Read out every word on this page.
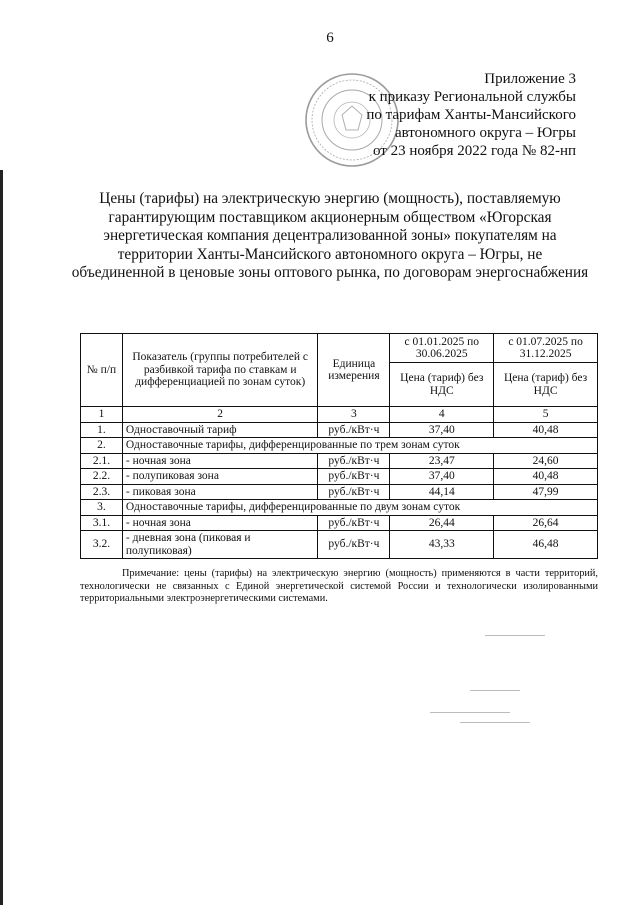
6
Приложение 3
к приказу Региональной службы
по тарифам Ханты-Мансийского
автономного округа – Югры
от 23 ноября 2022 года № 82-нп
Цены (тарифы) на электрическую энергию (мощность), поставляемую гарантирующим поставщиком акционерным обществом «Югорская энергетическая компания децентрализованной зоны» покупателям на территории Ханты-Мансийского автономного округа – Югры, не объединенной в ценовые зоны оптового рынка, по договорам энергоснабжения
№ п/п	Показатель (группы потребителей с разбивкой тарифа по ставкам и дифференциацией по зонам суток)	Единица измерения	с 01.01.2025 по 30.06.2025	с 01.07.2025 по 31.12.2025
			Цена (тариф) без НДС	Цена (тариф) без НДС
1	2	3	4	5
1.	Одноставочный тариф	руб./кВт·ч	37,40	40,48
2.	Одноставочные тарифы, дифференцированные по трем зонам суток			
2.1.	- ночная зона	руб./кВт·ч	23,47	24,60
2.2.	- полупиковая зона	руб./кВт·ч	37,40	40,48
2.3.	- пиковая зона	руб./кВт·ч	44,14	47,99
3.	Одноставочные тарифы, дифференцированные по двум зонам суток			
3.1.	- ночная зона	руб./кВт·ч	26,44	26,64
3.2.	- дневная зона (пиковая и полупиковая)	руб./кВт·ч	43,33	46,48
Примечание: цены (тарифы) на электрическую энергию (мощность) применяются в части территорий, технологически не связанных с Единой энергетической системой России и технологически изолированными территориальными электроэнергетическими системами.
